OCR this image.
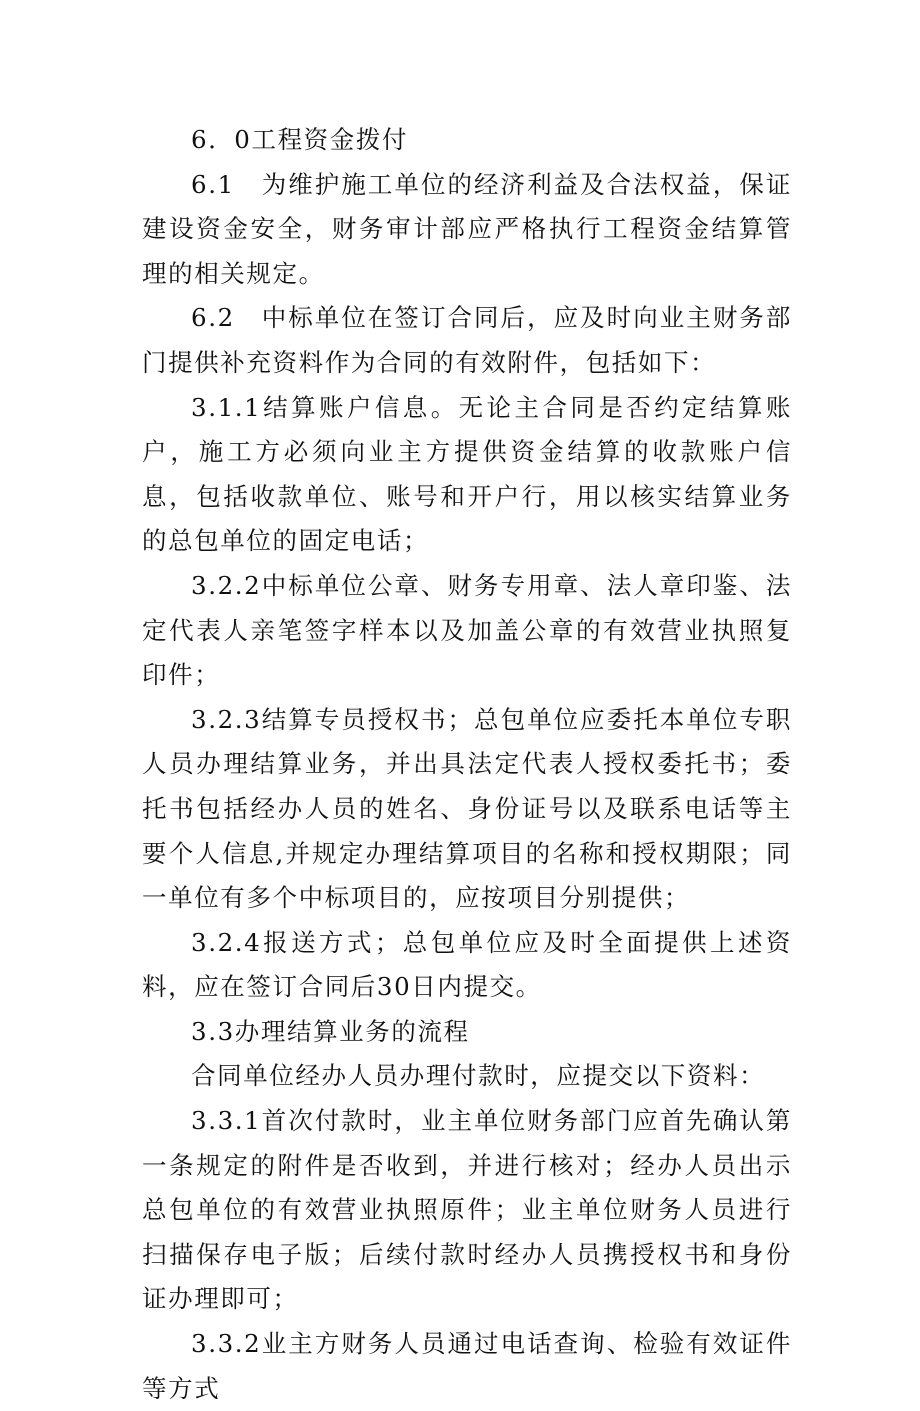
6．0工程资金拨付

6.1　为维护施工单位的经济利益及合法权益，保证建设资金安全，财务审计部应严格执行工程资金结算管理的相关规定。

6.2　中标单位在签订合同后，应及时向业主财务部门提供补充资料作为合同的有效附件，包括如下：

3.1.1结算账户信息。无论主合同是否约定结算账户，施工方必须向业主方提供资金结算的收款账户信息，包括收款单位、账号和开户行，用以核实结算业务的总包单位的固定电话；

3.2.2中标单位公章、财务专用章、法人章印鉴、法定代表人亲笔签字样本以及加盖公章的有效营业执照复印件；

3.2.3结算专员授权书；总包单位应委托本单位专职人员办理结算业务，并出具法定代表人授权委托书；委托书包括经办人员的姓名、身份证号以及联系电话等主要个人信息,并规定办理结算项目的名称和授权期限；同一单位有多个中标项目的，应按项目分别提供；

3.2.4报送方式；总包单位应及时全面提供上述资料，应在签订合同后30日内提交。

3.3办理结算业务的流程

合同单位经办人员办理付款时，应提交以下资料：

3.3.1首次付款时，业主单位财务部门应首先确认第一条规定的附件是否收到，并进行核对；经办人员出示总包单位的有效营业执照原件；业主单位财务人员进行扫描保存电子版；后续付款时经办人员携授权书和身份证办理即可；

3.3.2业主方财务人员通过电话查询、检验有效证件等方式
